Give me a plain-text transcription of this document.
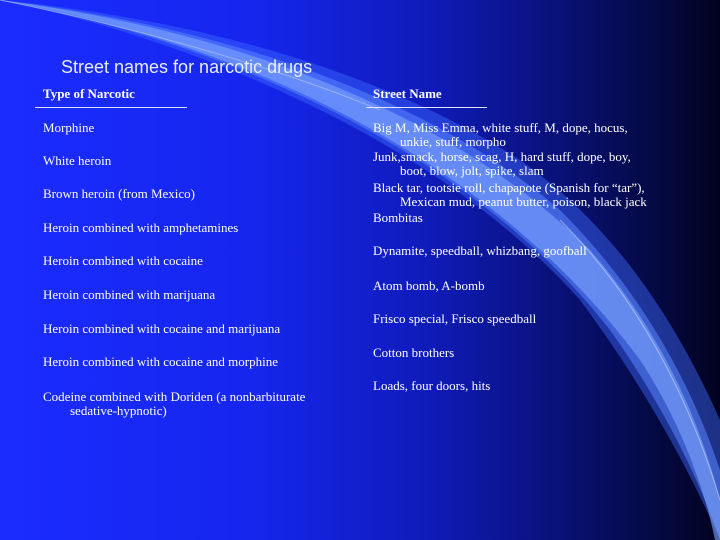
Street names for narcotic drugs
Type of Narcotic	Street Name
Morphine
White heroin
Brown heroin (from Mexico)
Heroin combined with amphetamines
Heroin combined with cocaine
Heroin combined with marijuana
Heroin combined with cocaine and marijuana
Heroin combined with cocaine and morphine
Codeine combined with Doriden (a nonbarbiturate
sedative-hypnotic)
Big M, Miss Emma, white stuff, M, dope, hocus,
unkie, stuff, morpho
Junk,smack, horse, scag, H, hard stuff, dope, boy,
boot, blow, jolt, spike, slam
Black tar, tootsie roll, chapapote (Spanish for “tar”),
Mexican mud, peanut butter, poison, black jack
Bombitas
Dynamite, speedball, whizbang, goofball
Atom bomb, A-bomb
Frisco special, Frisco speedball
Cotton brothers
Loads, four doors, hits
